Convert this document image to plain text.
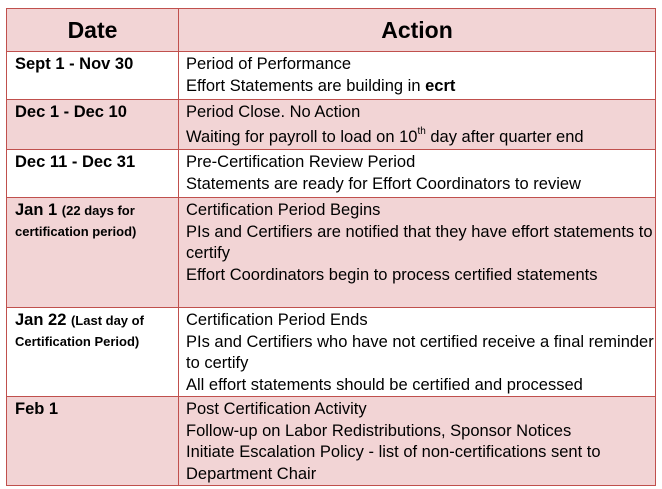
Date	Action
Sept 1 - Nov 30	Period of Performance
Effort Statements are building in ecrt

Dec 1 - Dec 10	Period Close. No Action
Waiting for payroll to load on 10th day after quarter end

Dec 11 - Dec 31	Pre-Certification Review Period
Statements are ready for Effort Coordinators to review

Jan 1 (22 days for certification period)	Certification Period Begins
PIs and Certifiers are notified that they have effort statements to certify
Effort Coordinators begin to process certified statements

Jan 22 (Last day of Certification Period)	Certification Period Ends
PIs and Certifiers who have not certified receive a final reminder to certify
All effort statements should be certified and processed

Feb 1	Post Certification Activity
Follow-up on Labor Redistributions, Sponsor Notices
Initiate Escalation Policy - list of non-certifications sent to Department Chair
